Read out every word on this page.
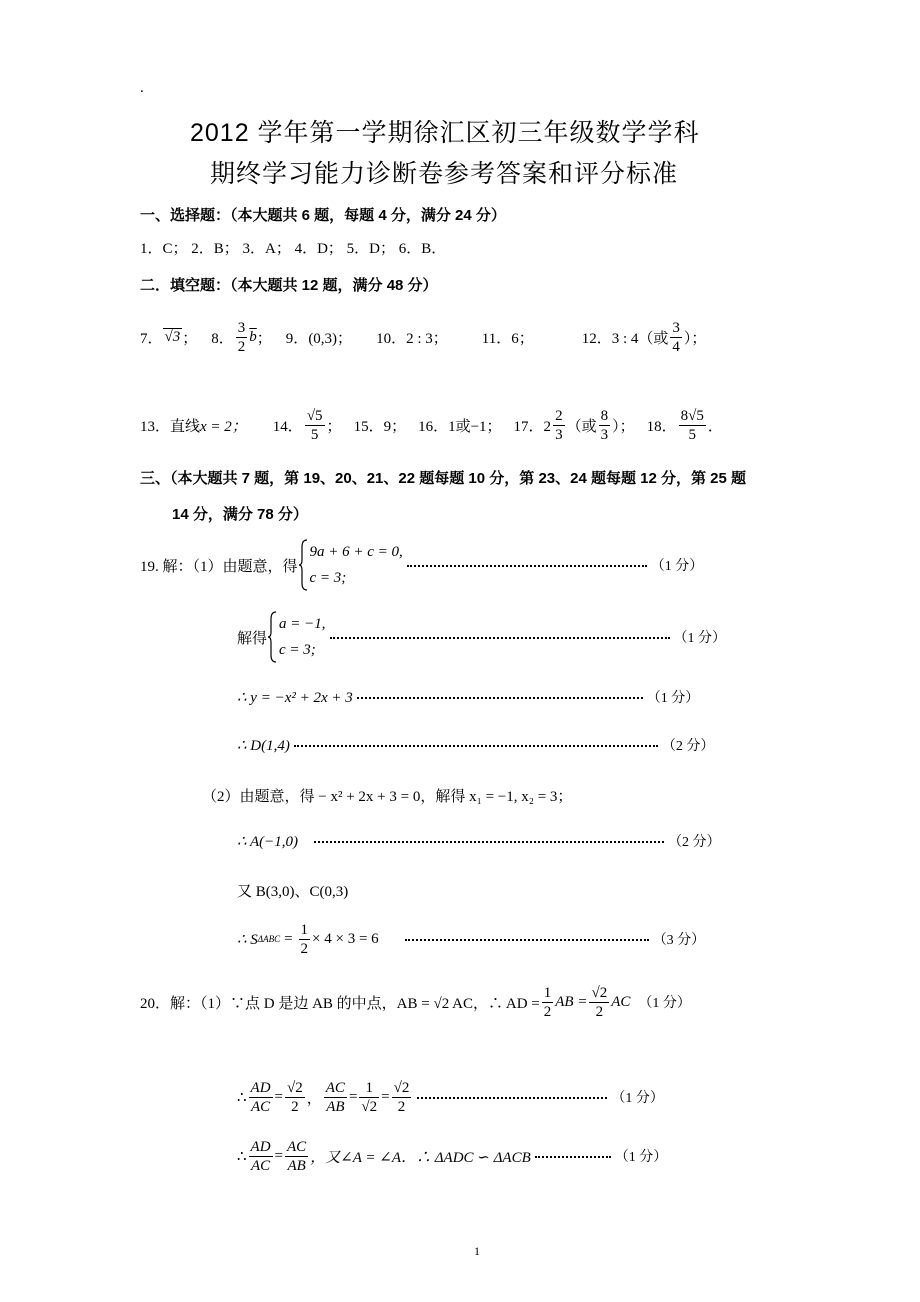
.
2012 学年第一学期徐汇区初三年级数学学科
期终学习能力诊断卷参考答案和评分标准
一、选择题：（本大题共 6 题，每题 4 分，满分 24 分）
1．C； 2．B； 3．A； 4．D； 5．D； 6．B．
二．填空题：（本大题共 12 题，满分 48 分）
7． √3 ； 8． $\frac{3}{2} \overline{b}$ ； 9． (0,3)； 10． 2 : 3； 11． 6；	12． 3 : 4（或 $\frac{3}{4}$ ）；
13．直线 x = 2； 14． $\frac{√5}{5}$ ； 15．9； 16．1或−1； 17．$2 \frac{2}{3}$ （或 $\frac{8}{3}$ ）； 18． $\frac{8√5}{5}$ ．
三、（本大题共 7 题，第 19、20、21、22 题每题 10 分，第 23、24 题每题 12 分，第 25 题
14 分，满分 78 分）
19. 解：（1）由题意，得
9a + 6 + c = 0,
c = 3;
（1 分）
解得
a = −1,
c = 3;
（1 分）
∴ y = −x² + 2x + 3	（1 分）
∴ D(1,4)	（2 分）
（2）由题意，得 − x² + 2x + 3 = 0，解得 x₁ = −1, x₂ = 3；
∴ A(−1,0)	（2 分）
又 B(3,0)、C(0,3)
∴ S $\Delta ABC = \frac{1}{2} \times 4 \times 3 = 6$	（3 分）
20．解：（1）∵点 D 是边 AB 的中点，AB = √2 AC，∴ AD = $\frac{1}{2}$ AB = $\frac{√2}{2}$ AC （1 分）
∴ $\frac{AD}{AC} = \frac{√2}{2}$ ， $\frac{AC}{AB} = \frac{1}{√2} = \frac{√2}{2}$	（1 分）
∴ $\frac{AD}{AC} = \frac{AC}{AB}$ ，又∠A = ∠A．∴ ΔADC ∽ ΔACB	（1 分）
1
